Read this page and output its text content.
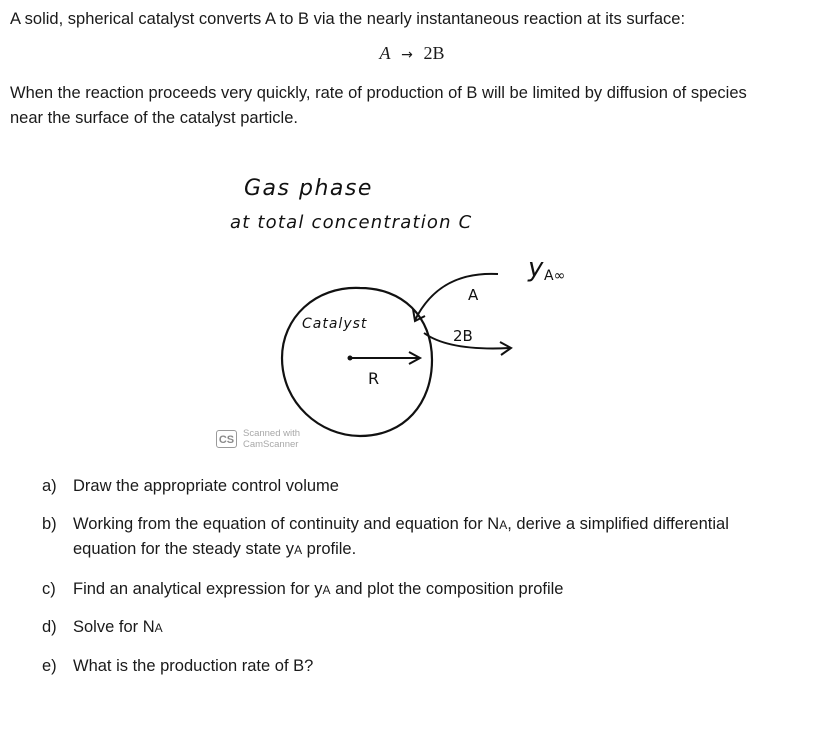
A solid, spherical catalyst converts A to B via the nearly instantaneous reaction at its surface:
A → 2B
When the reaction proceeds very quickly, rate of production of B will be limited by diffusion of species
near the surface of the catalyst particle.
Gas phase
at total concentration C
y A∞
Catalyst
R
A
2B
CS
Scanned with
CamScanner
a) Draw the appropriate control volume
b) Working from the equation of continuity and equation for NA, derive a simplified differential
equation for the steady state yA profile.
c) Find an analytical expression for yA and plot the composition profile
d) Solve for NA
e) What is the production rate of B?
